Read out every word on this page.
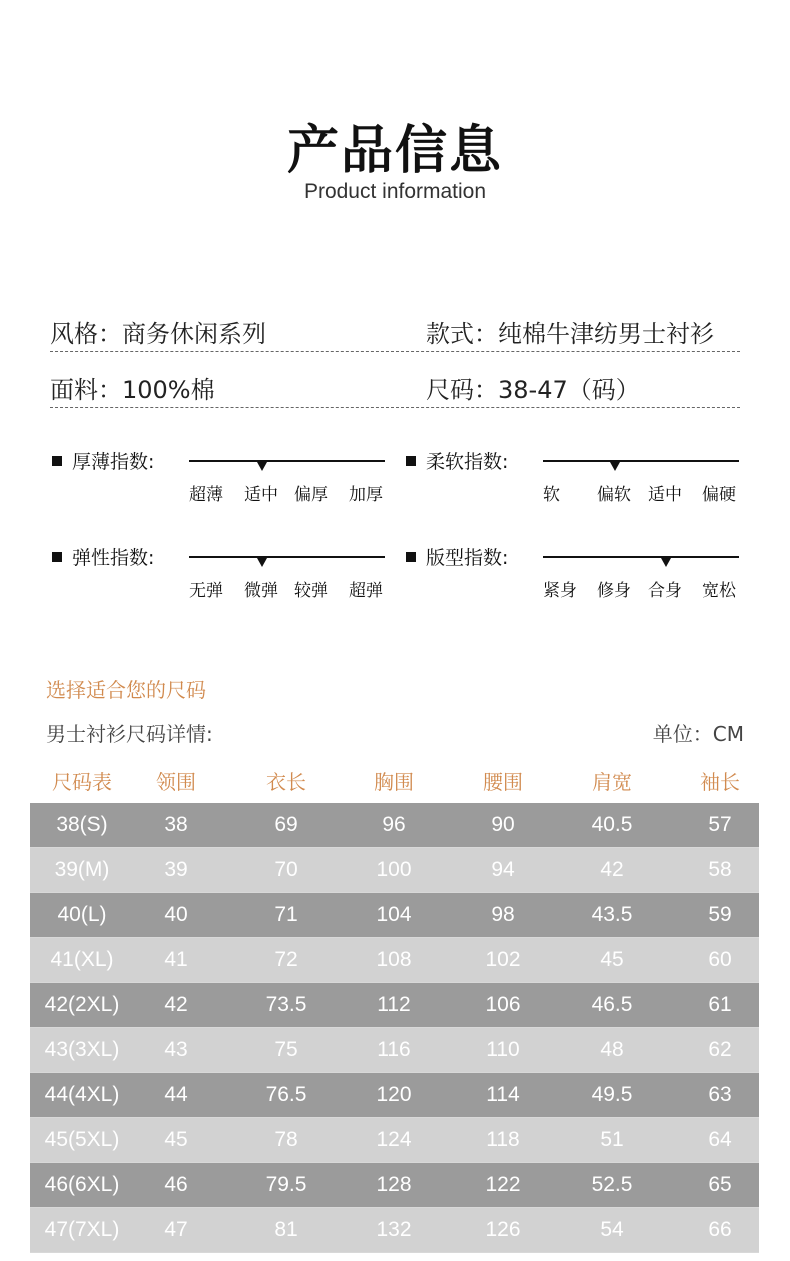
产品信息
Product information
风格：商务休闲系列	款式：纯棉牛津纺男士衬衫
面料：100%棉	尺码：38-47（码）
厚薄指数:
超薄 适中 偏厚 加厚
柔软指数:
软 偏软 适中 偏硬
弹性指数:
无弹 微弹 较弹 超弹
版型指数:
紧身 修身 合身 宽松
选择适合您的尺码
男士衬衫尺码详情:	单位：CM
尺码表	领围	衣长	胸围	腰围	肩宽	袖长
38(S)	38	69	96	90	40.5	57
39(M)	39	70	100	94	42	58
40(L)	40	71	104	98	43.5	59
41(XL)	41	72	108	102	45	60
42(2XL)	42	73.5	112	106	46.5	61
43(3XL)	43	75	116	110	48	62
44(4XL)	44	76.5	120	114	49.5	63
45(5XL)	45	78	124	118	51	64
46(6XL)	46	79.5	128	122	52.5	65
47(7XL)	47	81	132	126	54	66
